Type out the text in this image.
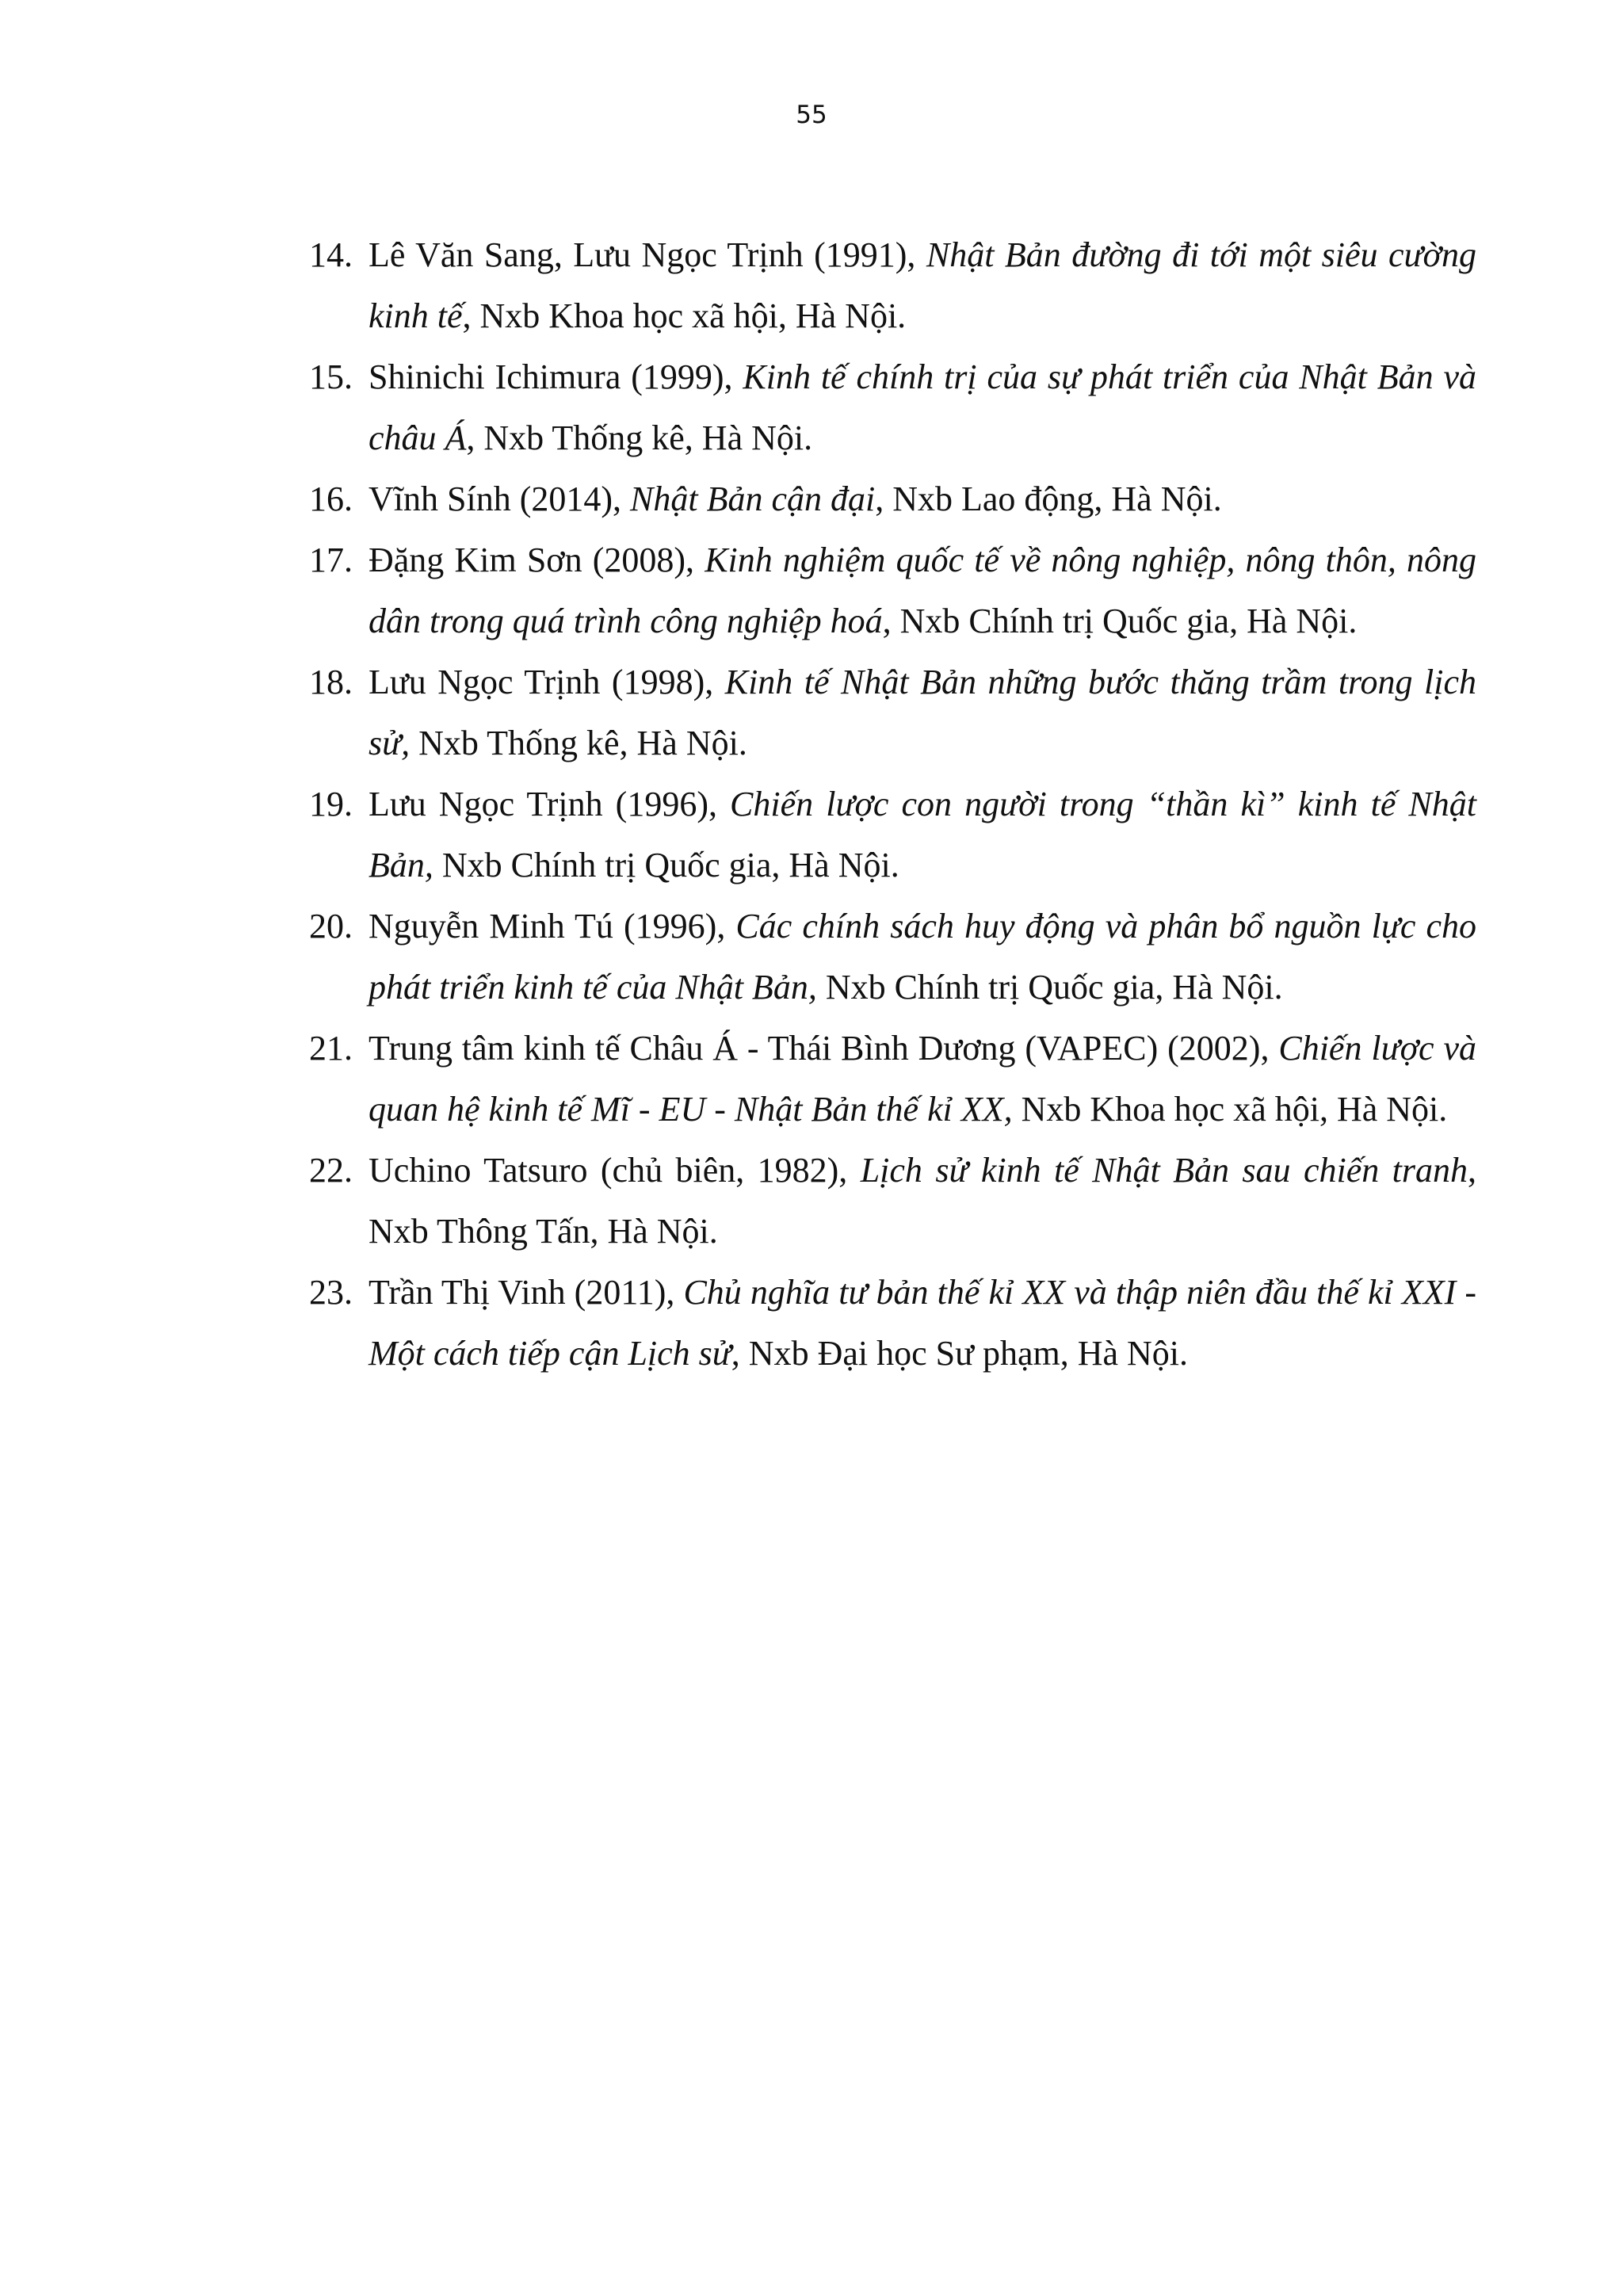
55
14. Lê Văn Sang, Lưu Ngọc Trịnh (1991), Nhật Bản đường đi tới một siêu cường kinh tế, Nxb Khoa học xã hội, Hà Nội.
15. Shinichi Ichimura (1999), Kinh tế chính trị của sự phát triển của Nhật Bản và châu Á, Nxb Thống kê, Hà Nội.
16. Vĩnh Sính (2014), Nhật Bản cận đại, Nxb Lao động, Hà Nội.
17. Đặng Kim Sơn (2008), Kinh nghiệm quốc tế về nông nghiệp, nông thôn, nông dân trong quá trình công nghiệp hoá, Nxb Chính trị Quốc gia, Hà Nội.
18. Lưu Ngọc Trịnh (1998), Kinh tế Nhật Bản những bước thăng trầm trong lịch sử, Nxb Thống kê, Hà Nội.
19. Lưu Ngọc Trịnh (1996), Chiến lược con người trong “thần kì” kinh tế Nhật Bản, Nxb Chính trị Quốc gia, Hà Nội.
20. Nguyễn Minh Tú (1996), Các chính sách huy động và phân bổ nguồn lực cho phát triển kinh tế của Nhật Bản, Nxb Chính trị Quốc gia, Hà Nội.
21. Trung tâm kinh tế Châu Á - Thái Bình Dương (VAPEC) (2002), Chiến lược và quan hệ kinh tế Mĩ - EU - Nhật Bản thế kỉ XX, Nxb Khoa học xã hội, Hà Nội.
22. Uchino Tatsuro (chủ biên, 1982), Lịch sử kinh tế Nhật Bản sau chiến tranh, Nxb Thông Tấn, Hà Nội.
23. Trần Thị Vinh (2011), Chủ nghĩa tư bản thế kỉ XX và thập niên đầu thế kỉ XXI - Một cách tiếp cận Lịch sử, Nxb Đại học Sư phạm, Hà Nội.
